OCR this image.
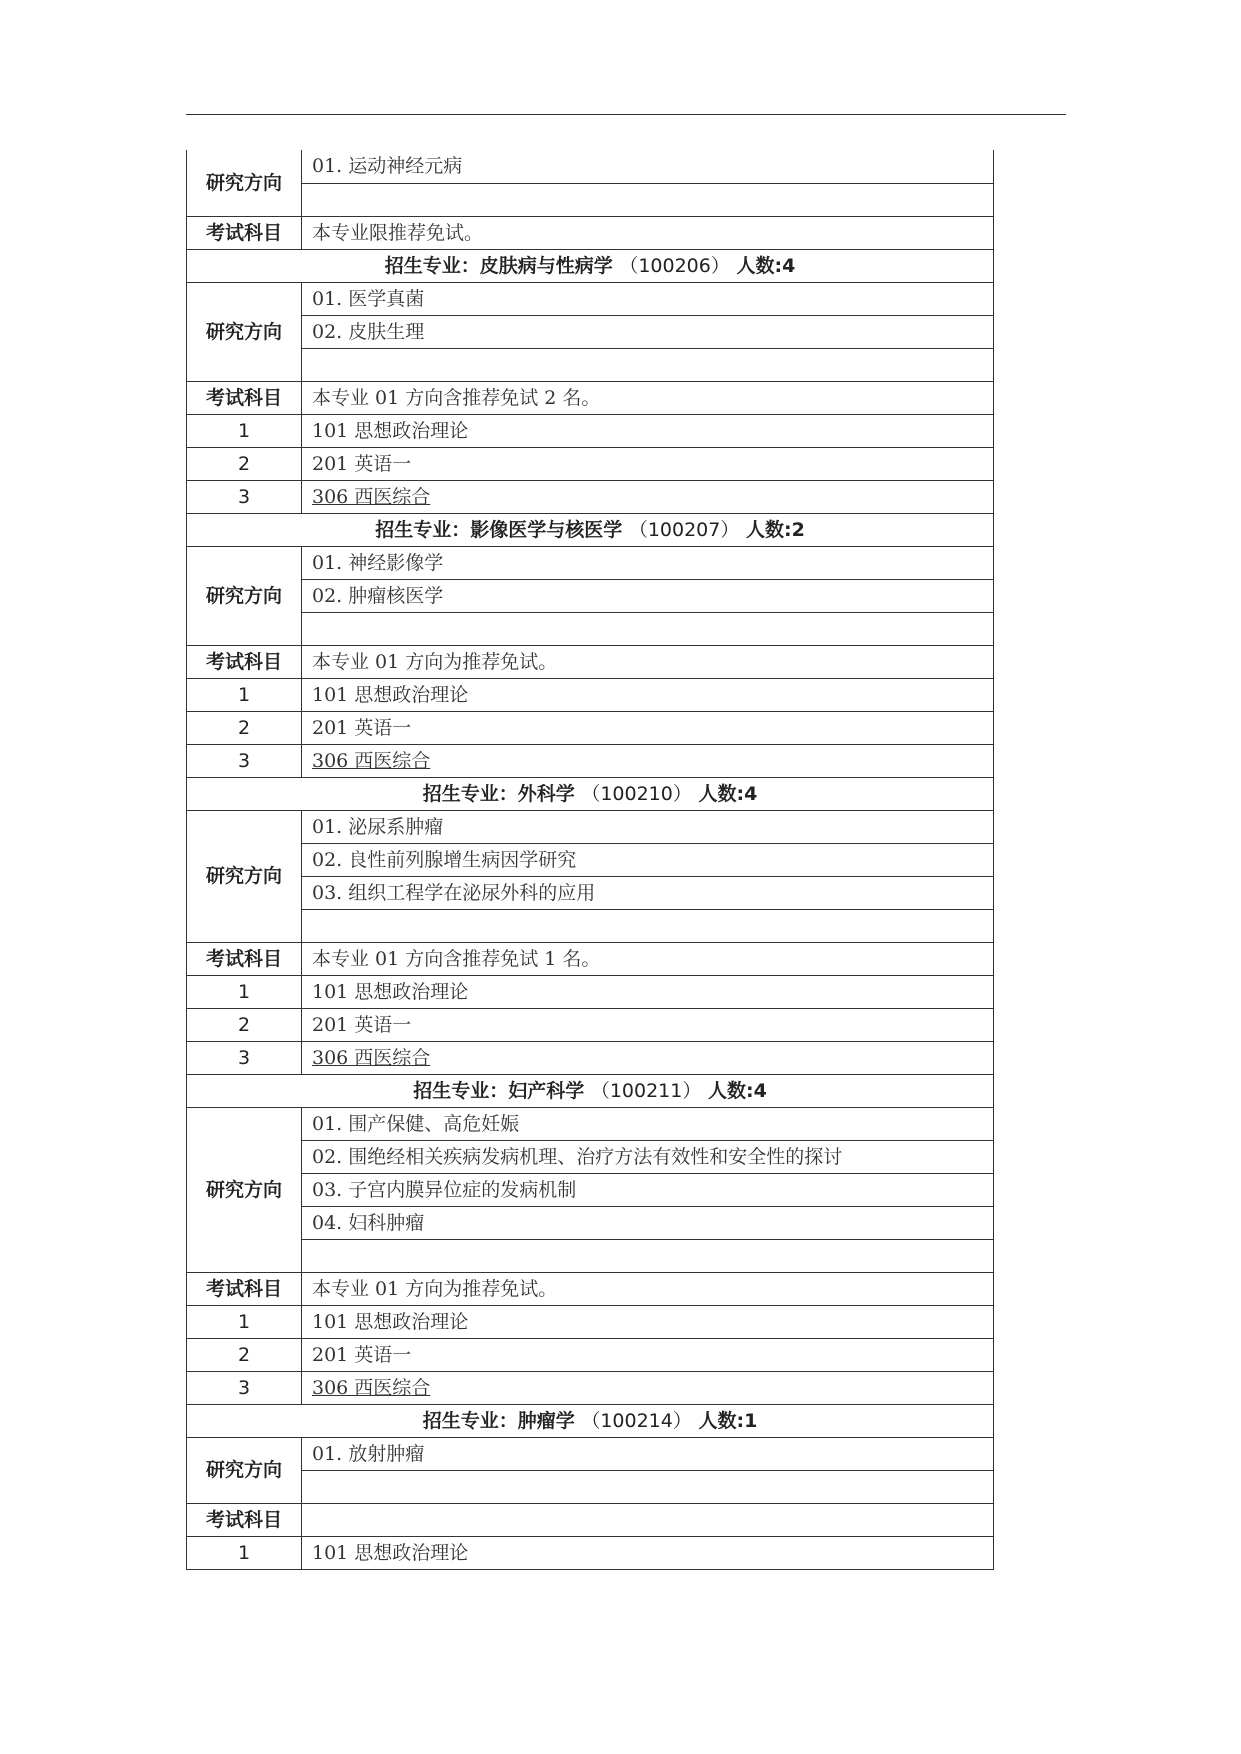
研究方向	01. 运动神经元病

考试科目	本专业限推荐免试。
招生专业：皮肤病与性病学 （100206） 人数:4	
研究方向	01. 医学真菌
	02. 皮肤生理

考试科目	本专业 01 方向含推荐免试 2 名。
1	101 思想政治理论
2	201 英语一
3	306 西医综合
招生专业：影像医学与核医学 （100207） 人数:2	
研究方向	01. 神经影像学
	02. 肿瘤核医学

考试科目	本专业 01 方向为推荐免试。
1	101 思想政治理论
2	201 英语一
3	306 西医综合
招生专业：外科学 （100210） 人数:4	
研究方向	01. 泌尿系肿瘤
	02. 良性前列腺增生病因学研究
	03. 组织工程学在泌尿外科的应用

考试科目	本专业 01 方向含推荐免试 1 名。
1	101 思想政治理论
2	201 英语一
3	306 西医综合
招生专业：妇产科学 （100211） 人数:4	
研究方向	01. 围产保健、高危妊娠
	02. 围绝经相关疾病发病机理、治疗方法有效性和安全性的探讨
	03. 子宫内膜异位症的发病机制
	04. 妇科肿瘤

考试科目	本专业 01 方向为推荐免试。
1	101 思想政治理论
2	201 英语一
3	306 西医综合
招生专业：肿瘤学 （100214） 人数:1	
研究方向	01. 放射肿瘤

考试科目	
1	101 思想政治理论
